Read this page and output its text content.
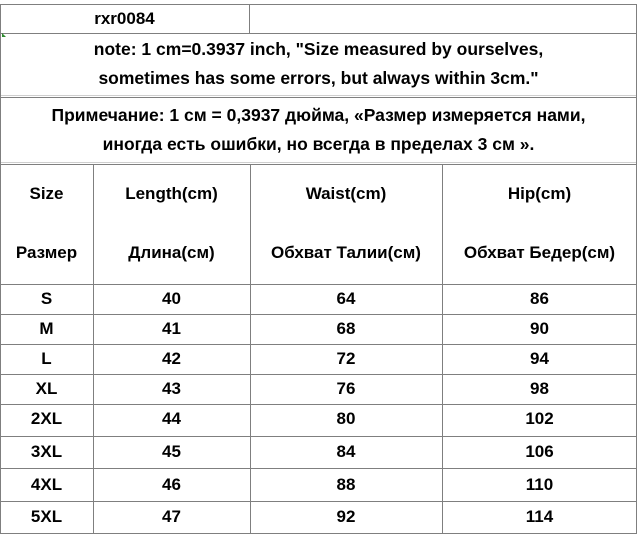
rxr0084
note: 1 cm=0.3937 inch, "Size measured by ourselves,
sometimes has some errors, but always within 3cm."
Примечание: 1 см = 0,3937 дюйма, «Размер измеряется нами,
иногда есть ошибки, но всегда в пределах 3 см ».
Size	Length(cm)	Waist(cm)	Hip(cm)
Размер	Длина(см)	Обхват Талии(см)	Обхват Бедер(см)
S	40	64	86
M	41	68	90
L	42	72	94
XL	43	76	98
2XL	44	80	102
3XL	45	84	106
4XL	46	88	110
5XL	47	92	114
